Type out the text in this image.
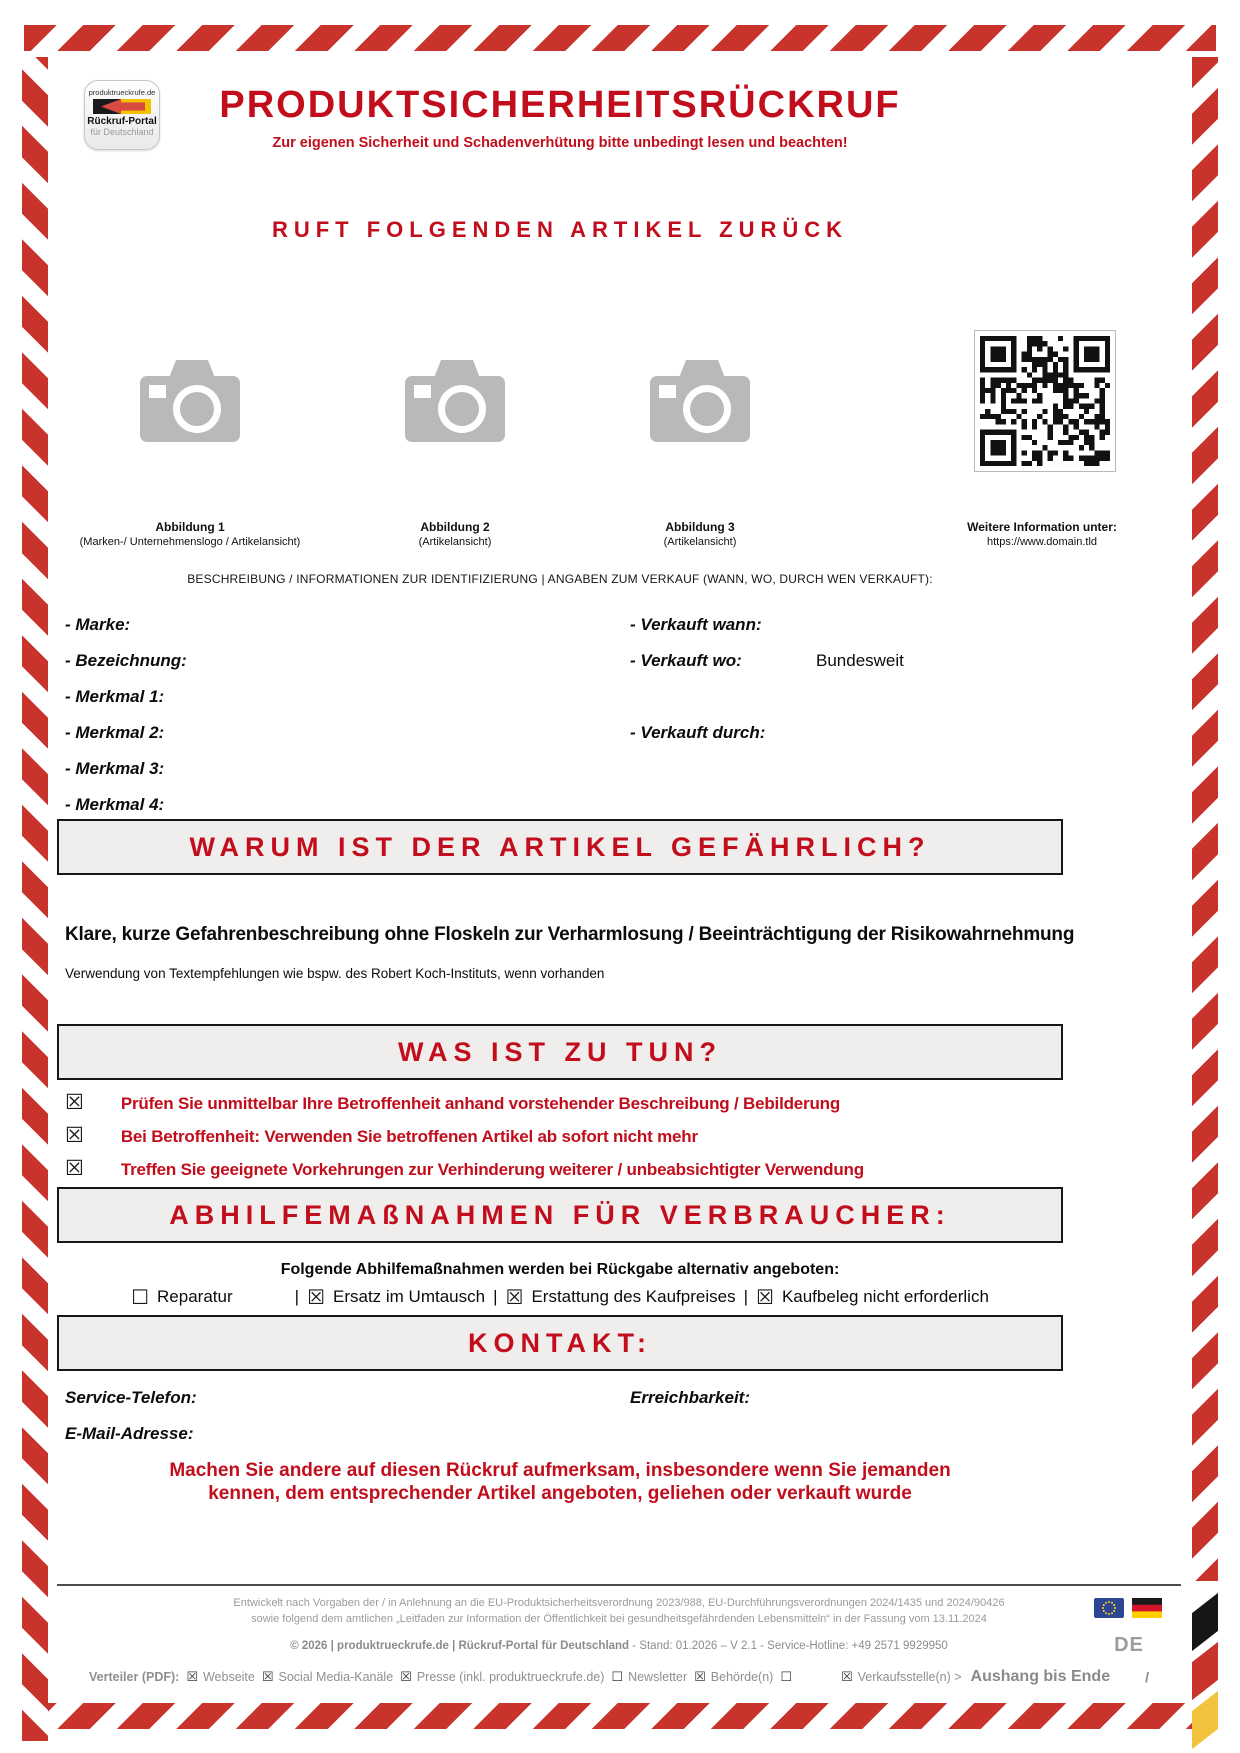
produktrueckrufe.de
Rückruf-Portal
für Deutschland
PRODUKTSICHERHEITSRÜCKRUF
Zur eigenen Sicherheit und Schadenverhütung bitte unbedingt lesen und beachten!
RUFT FOLGENDEN ARTIKEL ZURÜCK
Abbildung 1
(Marken-/ Unternehmenslogo / Artikelansicht)
Abbildung 2
(Artikelansicht)
Abbildung 3
(Artikelansicht)
Weitere Information unter:
https://www.domain.tld
BESCHREIBUNG / INFORMATIONEN ZUR IDENTIFIZIERUNG | ANGABEN ZUM VERKAUF (WANN, WO, DURCH WEN VERKAUFT):
- Marke:
- Bezeichnung:
- Merkmal 1:
- Merkmal 2:
- Merkmal 3:
- Merkmal 4:
- Verkauft wann:
- Verkauft wo:	Bundesweit
- Verkauft durch:
WARUM IST DER ARTIKEL GEFÄHRLICH?
Klare, kurze Gefahrenbeschreibung ohne Floskeln zur Verharmlosung / Beeinträchtigung der Risikowahrnehmung
Verwendung von Textempfehlungen wie bspw. des Robert Koch-Instituts, wenn vorhanden
WAS IST ZU TUN?
☒ Prüfen Sie unmittelbar Ihre Betroffenheit anhand vorstehender Beschreibung / Bebilderung
☒ Bei Betroffenheit: Verwenden Sie betroffenen Artikel ab sofort nicht mehr
☒ Treffen Sie geeignete Vorkehrungen zur Verhinderung weiterer / unbeabsichtigter Verwendung
ABHILFEMAßNAHMEN FÜR VERBRAUCHER:
Folgende Abhilfemaßnahmen werden bei Rückgabe alternativ angeboten:
☐ Reparatur	| ☒ Ersatz im Umtausch | ☒ Erstattung des Kaufpreises | ☒ Kaufbeleg nicht erforderlich
KONTAKT:
Service-Telefon:	Erreichbarkeit:
E-Mail-Adresse:
Machen Sie andere auf diesen Rückruf aufmerksam, insbesondere wenn Sie jemanden kennen, dem entsprechender Artikel angeboten, geliehen oder verkauft wurde
Entwickelt nach Vorgaben der / in Anlehnung an die EU-Produktsicherheitsverordnung 2023/988, EU-Durchführungsverordnungen 2024/1435 und 2024/90426
sowie folgend dem amtlichen „Leitfaden zur Information der Öffentlichkeit bei gesundheitsgefährdenden Lebensmitteln“ in der Fassung vom 13.11.2024
© 2026 | produktrueckrufe.de | Rückruf-Portal für Deutschland - Stand: 01.2026 – V 2.1 - Service-Hotline: +49 2571 9929950	DE
Verteiler (PDF): ☒ Webseite ☒ Social Media-Kanäle ☒ Presse (inkl. produktrueckrufe.de) ☐ Newsletter ☒ Behörde(n) ☐	☒ Verkaufsstelle(n) > Aushang bis Ende	/
